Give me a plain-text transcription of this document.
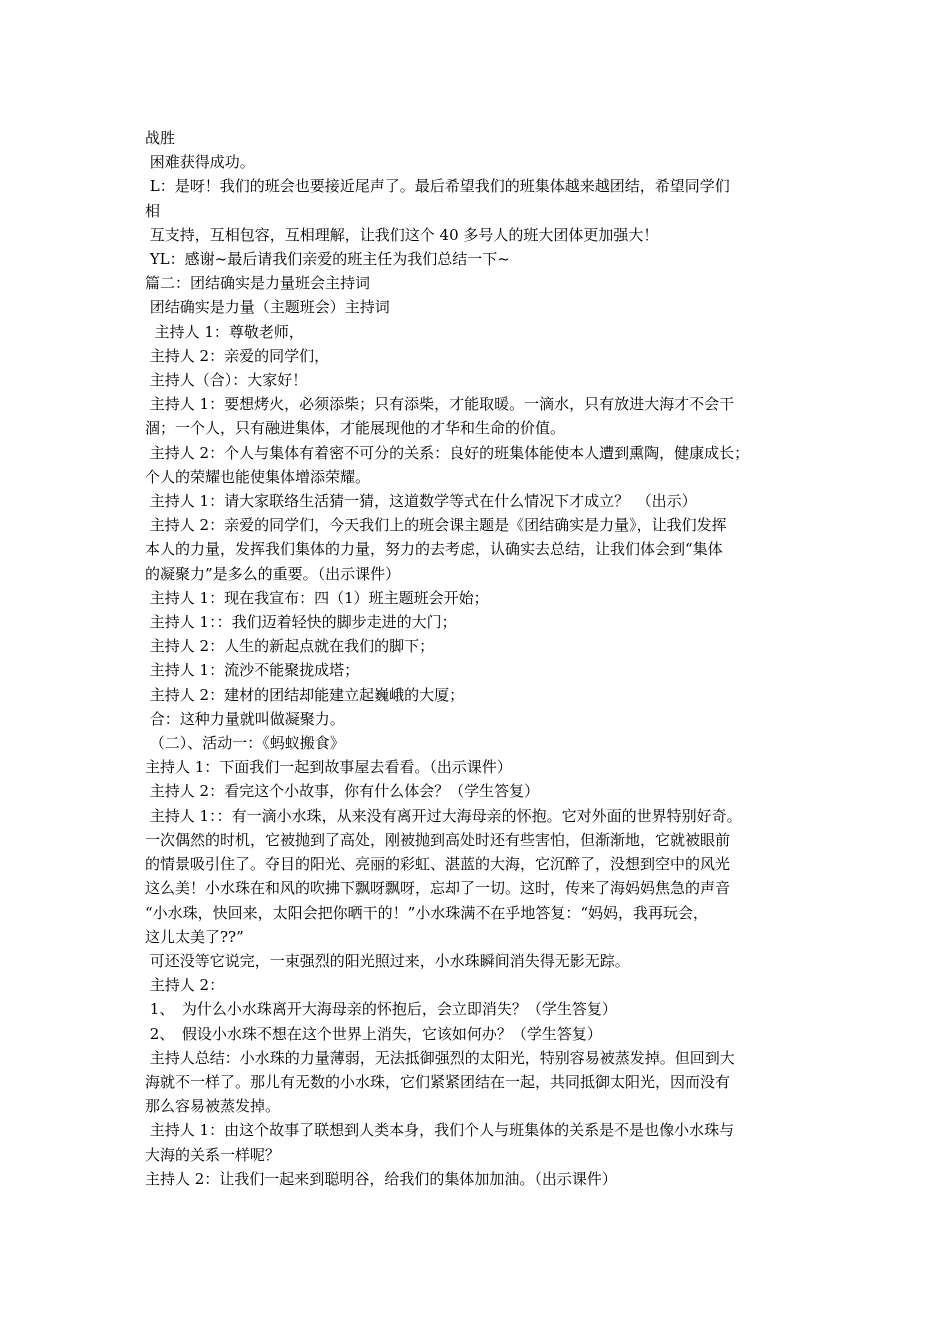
战胜

困难获得成功。

L：是呀！我们的班会也要接近尾声了。最后希望我们的班集体越来越团结，希望同学们

相

互支持，互相包容，互相理解，让我们这个 40 多号人的班大团体更加强大！

YL：感谢~最后请我们亲爱的班主任为我们总结一下~

篇二：团结确实是力量班会主持词

团结确实是力量（主题班会）主持词

主持人 1：尊敬老师，

主持人 2：亲爱的同学们，

主持人（合）：大家好！

主持人 1：要想烤火，必须添柴；只有添柴，才能取暖。一滴水，只有放进大海才不会干

涸；一个人，只有融进集体，才能展现他的才华和生命的价值。

主持人 2：个人与集体有着密不可分的关系：良好的班集体能使本人遭到熏陶，健康成长；

个人的荣耀也能使集体增添荣耀。

主持人 1：请大家联络生活猜一猜，这道数学等式在什么情况下才成立？　（出示）

主持人 2：亲爱的同学们，今天我们上的班会课主题是《团结确实是力量》，让我们发挥

本人的力量，发挥我们集体的力量，努力的去考虑，认确实去总结，让我们体会到“集体

的凝聚力”是多么的重要。（出示课件）

主持人 1：现在我宣布：四（1）班主题班会开始；

主持人 1：：我们迈着轻快的脚步走进的大门；

主持人 2：人生的新起点就在我们的脚下；

主持人 1：流沙不能聚拢成塔；

主持人 2：建材的团结却能建立起巍峨的大厦；

合：这种力量就叫做凝聚力。

（二）、活动一：《蚂蚁搬食》

主持人 1：下面我们一起到故事屋去看看。（出示课件）

主持人 2：看完这个小故事，你有什么体会？（学生答复）

主持人 1：：有一滴小水珠，从来没有离开过大海母亲的怀抱。它对外面的世界特别好奇。

一次偶然的时机，它被抛到了高处，刚被抛到高处时还有些害怕，但渐渐地，它就被眼前

的情景吸引住了。夺目的阳光、亮丽的彩虹、湛蓝的大海，它沉醉了，没想到空中的风光

这么美！小水珠在和风的吹拂下飘呀飘呀，忘却了一切。这时，传来了海妈妈焦急的声音

“小水珠，快回来，太阳会把你晒干的！”小水珠满不在乎地答复：“妈妈，我再玩会，

这儿太美了??”

可还没等它说完，一束强烈的阳光照过来，小水珠瞬间消失得无影无踪。

主持人 2：

1、　为什么小水珠离开大海母亲的怀抱后，会立即消失？（学生答复）

2、　假设小水珠不想在这个世界上消失，它该如何办？（学生答复）

主持人总结：小水珠的力量薄弱，无法抵御强烈的太阳光，特别容易被蒸发掉。但回到大

海就不一样了。那儿有无数的小水珠，它们紧紧团结在一起，共同抵御太阳光，因而没有

那么容易被蒸发掉。

主持人 1：由这个故事了联想到人类本身，我们个人与班集体的关系是不是也像小水珠与

大海的关系一样呢？

主持人 2：让我们一起来到聪明谷，给我们的集体加加油。（出示课件）
